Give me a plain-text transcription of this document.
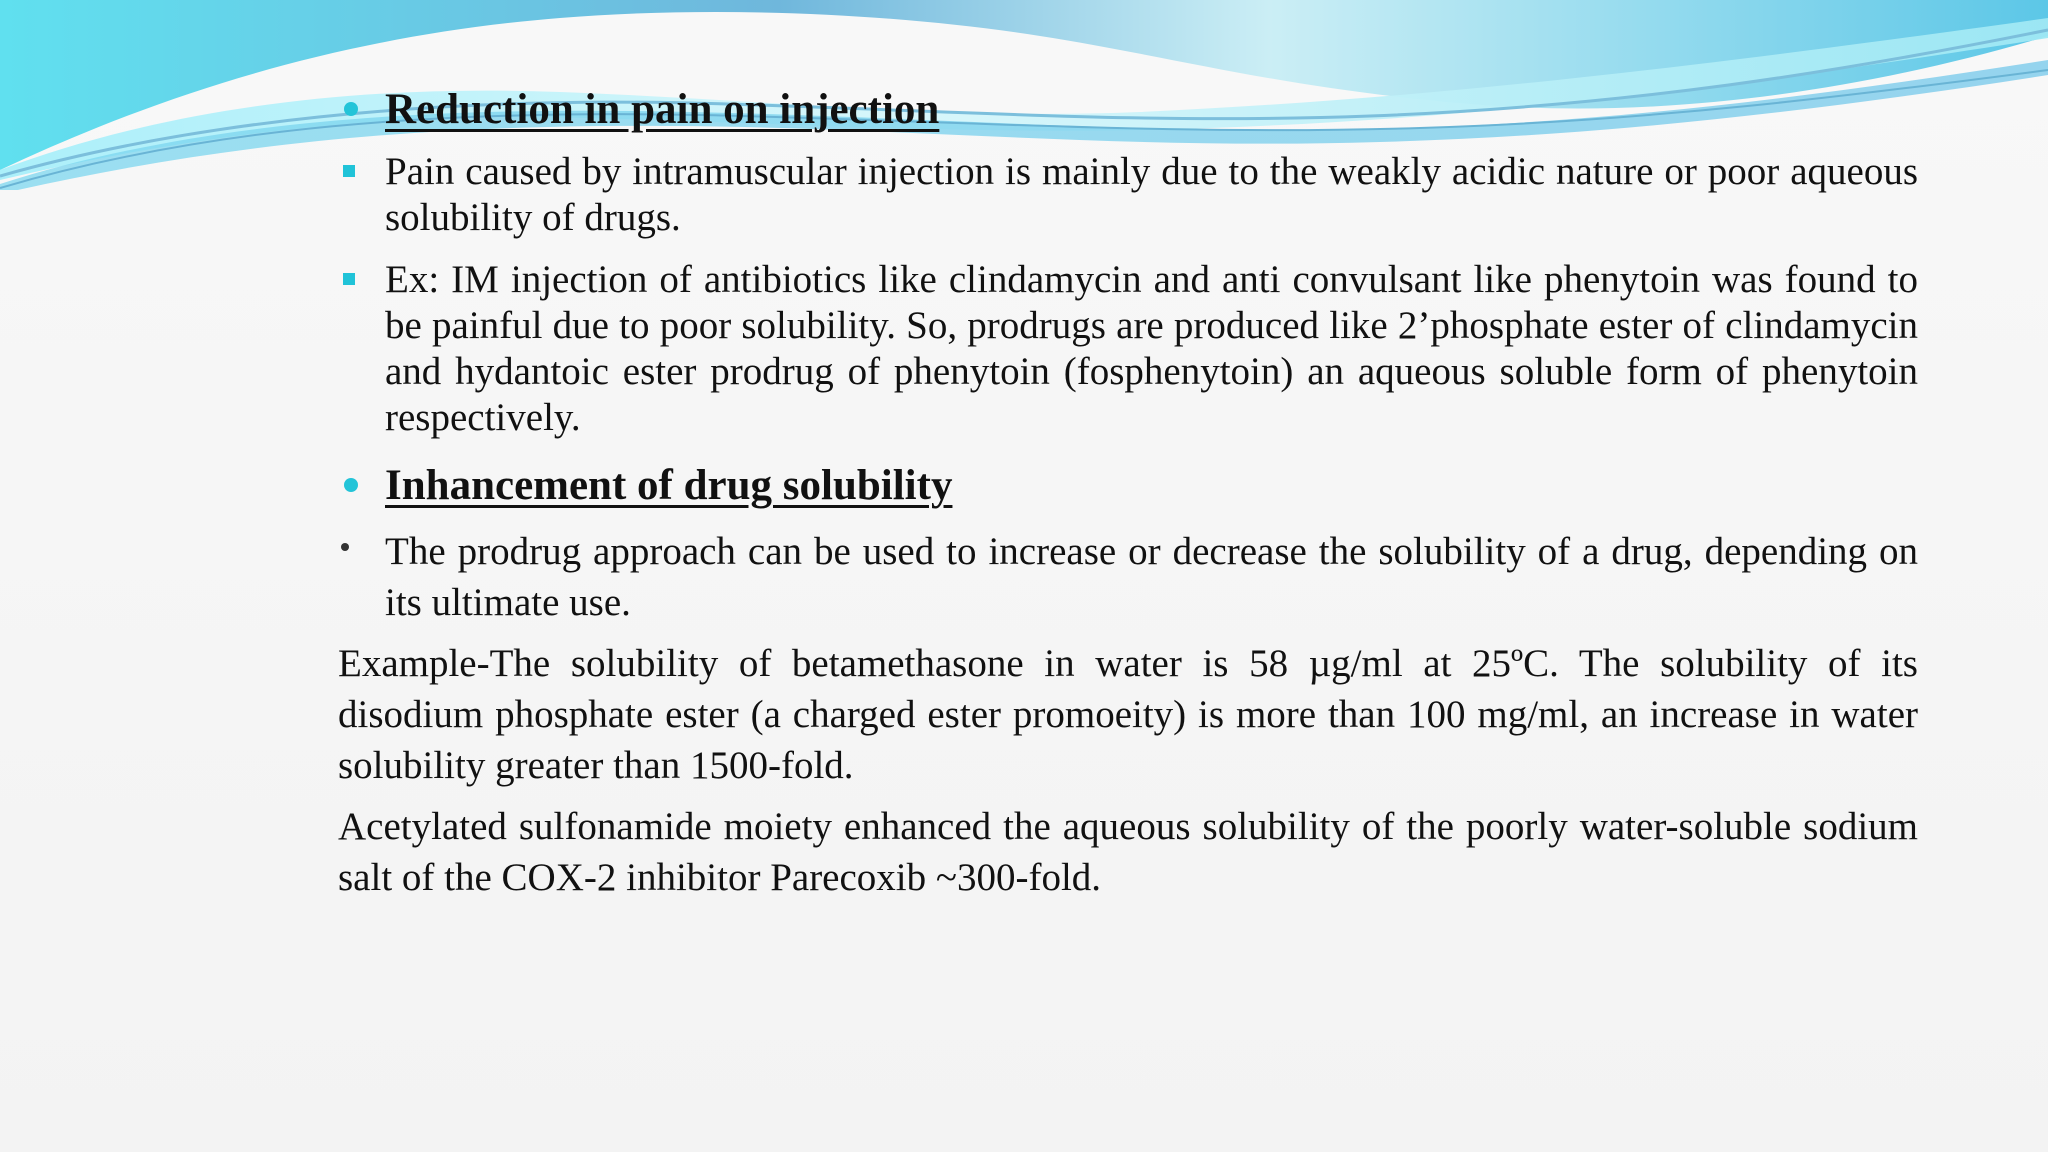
Reduction in pain on injection
Pain caused by intramuscular injection is mainly due to the weakly acidic nature or poor aqueous solubility of drugs.
Ex: IM injection of antibiotics like clindamycin and anti convulsant like phenytoin was found to be painful due to poor solubility. So, prodrugs are produced like 2’phosphate ester of clindamycin and hydantoic ester prodrug of phenytoin (fosphenytoin) an aqueous soluble form of phenytoin respectively.
Inhancement of drug solubility
The prodrug approach can be used to increase or decrease the solubility of a drug, depending on its ultimate use.
Example-The solubility of betamethasone in water is 58 µg/ml at 25ºC. The solubility of its disodium phosphate ester (a charged ester promoeity) is more than 100 mg/ml, an increase in water solubility greater than 1500-fold.
Acetylated sulfonamide moiety enhanced the aqueous solubility of the poorly water-soluble sodium salt of the COX-2 inhibitor Parecoxib ~300-fold.
